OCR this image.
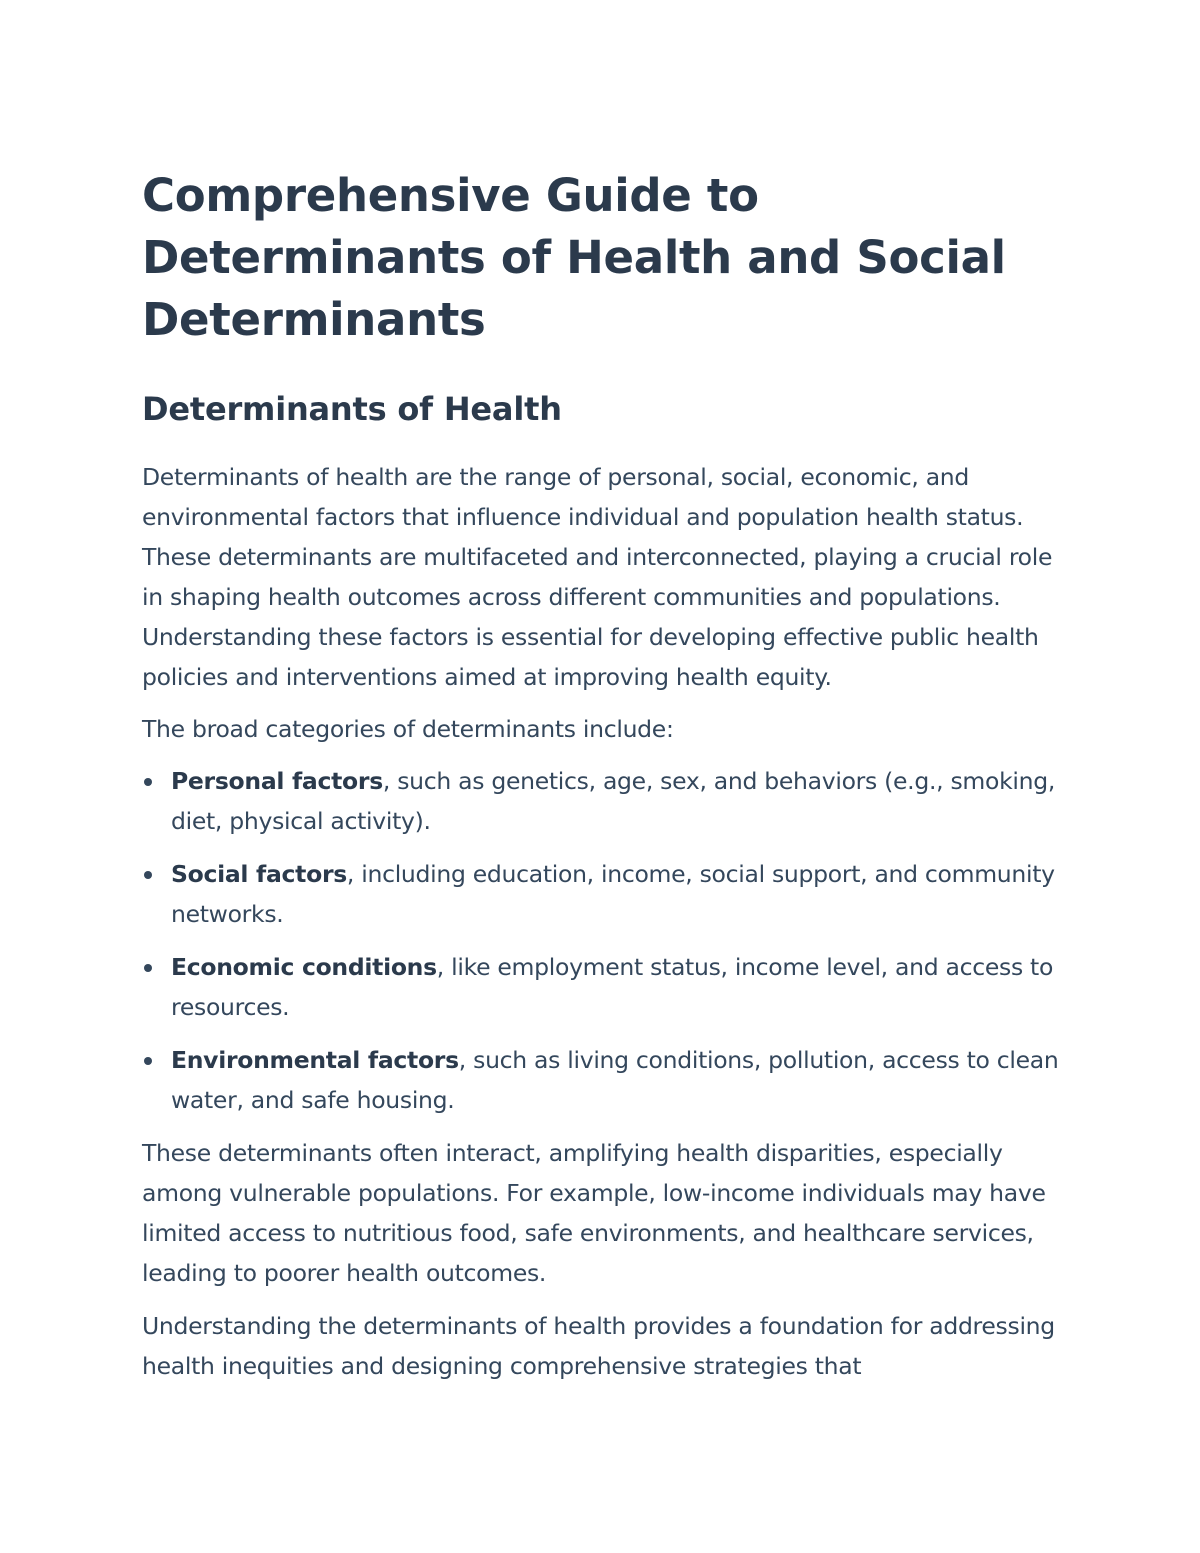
Comprehensive Guide to Determinants of Health and Social Determinants
Determinants of Health

Determinants of health are the range of personal, social, economic, and environmental factors that influence individual and population health status. These determinants are multifaceted and interconnected, playing a crucial role in shaping health outcomes across different communities and populations. Understanding these factors is essential for developing effective public health policies and interventions aimed at improving health equity.

The broad categories of determinants include:

Personal factors, such as genetics, age, sex, and behaviors (e.g., smoking, diet, physical activity).
Social factors, including education, income, social support, and community networks.
Economic conditions, like employment status, income level, and access to resources.
Environmental factors, such as living conditions, pollution, access to clean water, and safe housing.

These determinants often interact, amplifying health disparities, especially among vulnerable populations. For example, low-income individuals may have limited access to nutritious food, safe environments, and healthcare services, leading to poorer health outcomes.

Understanding the determinants of health provides a foundation for addressing health inequities and designing comprehensive strategies that
